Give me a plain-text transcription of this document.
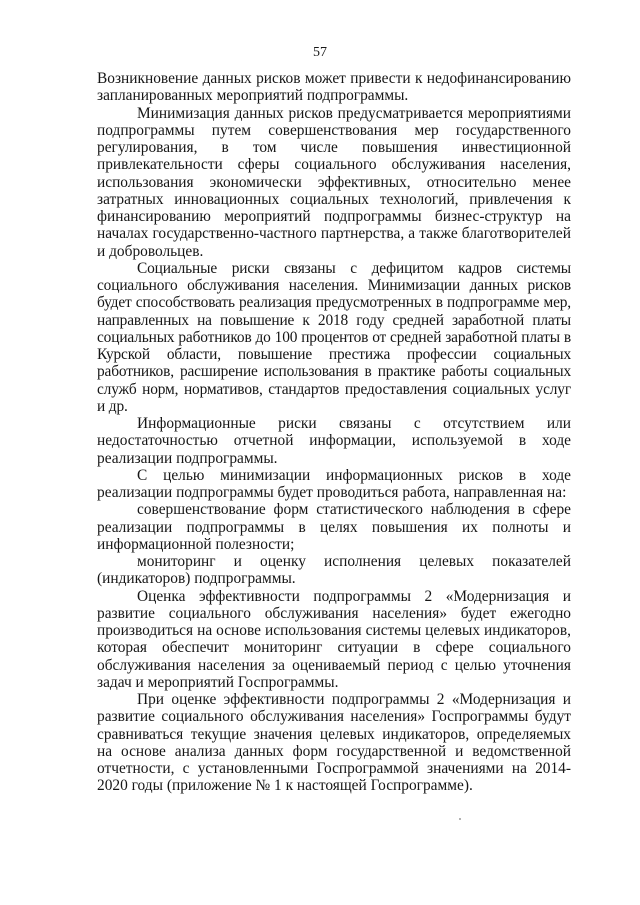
57

Возникновение данных рисков может привести к недофинансированию запланированных мероприятий подпрограммы.

Минимизация данных рисков предусматривается мероприятиями подпрограммы путем совершенствования мер государственного регулирования, в том числе повышения инвестиционной привлекательности сферы социального обслуживания населения, использования экономически эффективных, относительно менее затратных инновационных социальных технологий, привлечения к финансированию мероприятий подпрограммы бизнес-структур на началах государственно-частного партнерства, а также благотворителей и добровольцев.

Социальные риски связаны с дефицитом кадров системы социального обслуживания населения. Минимизации данных рисков будет способствовать реализация предусмотренных в подпрограмме мер, направленных на повышение к 2018 году средней заработной платы социальных работников до 100 процентов от средней заработной платы в Курской области, повышение престижа профессии социальных работников, расширение использования в практике работы социальных служб норм, нормативов, стандартов предоставления социальных услуг и др.

Информационные риски связаны с отсутствием или недостаточностью отчетной информации, используемой в ходе реализации подпрограммы.

С целью минимизации информационных рисков в ходе реализации подпрограммы будет проводиться работа, направленная на:

совершенствование форм статистического наблюдения в сфере реализации подпрограммы в целях повышения их полноты и информационной полезности;

мониторинг и оценку исполнения целевых показателей (индикаторов) подпрограммы.

Оценка эффективности подпрограммы 2 «Модернизация и развитие социального обслуживания населения» будет ежегодно производиться на основе использования системы целевых индикаторов, которая обеспечит мониторинг ситуации в сфере социального обслуживания населения за оцениваемый период с целью уточнения задач и мероприятий Госпрограммы.

При оценке эффективности подпрограммы 2 «Модернизация и развитие социального обслуживания населения» Госпрограммы будут сравниваться текущие значения целевых индикаторов, определяемых на основе анализа данных форм государственной и ведомственной отчетности, с установленными Госпрограммой значениями на 2014-2020 годы (приложение № 1 к настоящей Госпрограмме).
